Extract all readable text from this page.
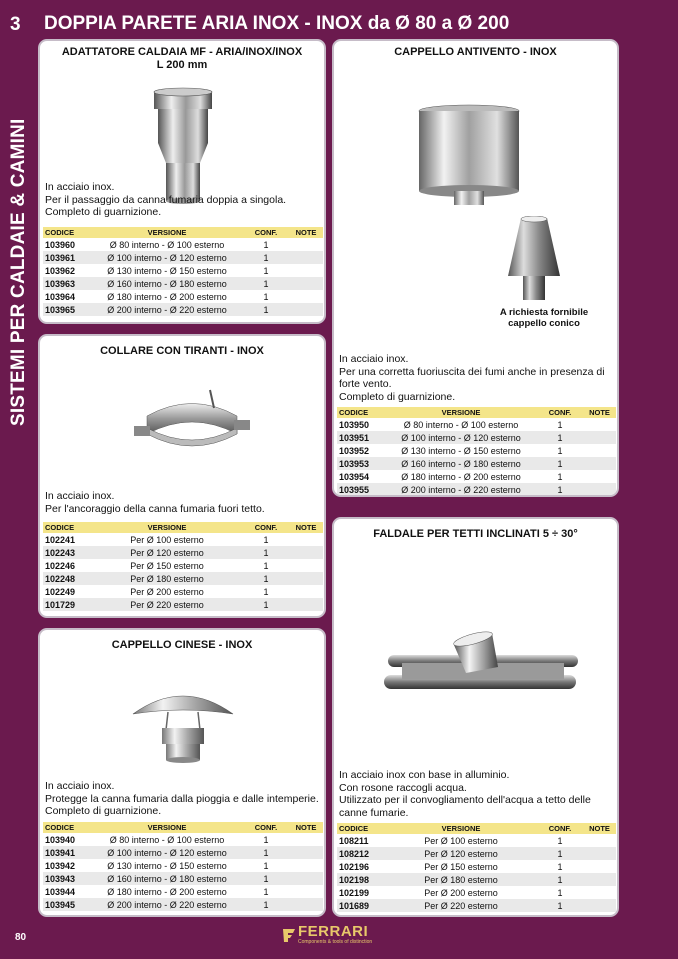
3
SISTEMI PER CALDAIE & CAMINI
DOPPIA PARETE ARIA INOX - INOX da Ø 80 a Ø 200
ADATTATORE CALDAIA MF - ARIA/INOX/INOX
L 200 mm
In acciaio inox.
Per il passaggio da canna fumaria doppia a singola.
Completo di guarnizione.
CODICE	VERSIONE	CONF.	NOTE
103960	Ø 80 interno - Ø 100 esterno	1	
103961	Ø 100 interno - Ø 120 esterno	1	
103962	Ø 130 interno - Ø 150 esterno	1	
103963	Ø 160 interno - Ø 180 esterno	1	
103964	Ø 180 interno - Ø 200 esterno	1	
103965	Ø 200 interno - Ø 220 esterno	1	
CAPPELLO ANTIVENTO - INOX
A richiesta fornibile
cappello conico
In acciaio inox.
Per una corretta fuoriuscita dei fumi anche in presenza di
forte vento.
Completo di guarnizione.
CODICE	VERSIONE	CONF.	NOTE
103950	Ø 80 interno - Ø 100 esterno	1	
103951	Ø 100 interno - Ø 120 esterno	1	
103952	Ø 130 interno - Ø 150 esterno	1	
103953	Ø 160 interno - Ø 180 esterno	1	
103954	Ø 180 interno - Ø 200 esterno	1	
103955	Ø 200 interno - Ø 220 esterno	1	
COLLARE CON TIRANTI - INOX
In acciaio inox.
Per l'ancoraggio della canna fumaria fuori tetto.
CODICE	VERSIONE	CONF.	NOTE
102241	Per Ø 100 esterno	1	
102243	Per Ø 120 esterno	1	
102246	Per Ø 150 esterno	1	
102248	Per Ø 180 esterno	1	
102249	Per Ø 200 esterno	1	
101729	Per Ø 220 esterno	1	
FALDALE PER TETTI INCLINATI 5 ÷ 30°
In acciaio inox con base in alluminio.
Con rosone raccogli acqua.
Utilizzato per il convogliamento dell'acqua a tetto delle
canne fumarie.
CODICE	VERSIONE	CONF.	NOTE
108211	Per Ø 100 esterno	1	
108212	Per Ø 120 esterno	1	
102196	Per Ø 150 esterno	1	
102198	Per Ø 180 esterno	1	
102199	Per Ø 200 esterno	1	
101689	Per Ø 220 esterno	1	
CAPPELLO CINESE - INOX
In acciaio inox.
Protegge la canna fumaria dalla pioggia e dalle intemperie.
Completo di guarnizione.
CODICE	VERSIONE	CONF.	NOTE
103940	Ø 80 interno - Ø 100 esterno	1	
103941	Ø 100 interno - Ø 120 esterno	1	
103942	Ø 130 interno - Ø 150 esterno	1	
103943	Ø 160 interno - Ø 180 esterno	1	
103944	Ø 180 interno - Ø 200 esterno	1	
103945	Ø 200 interno - Ø 220 esterno	1	
80	FERRARI
Components & tools of distinction
